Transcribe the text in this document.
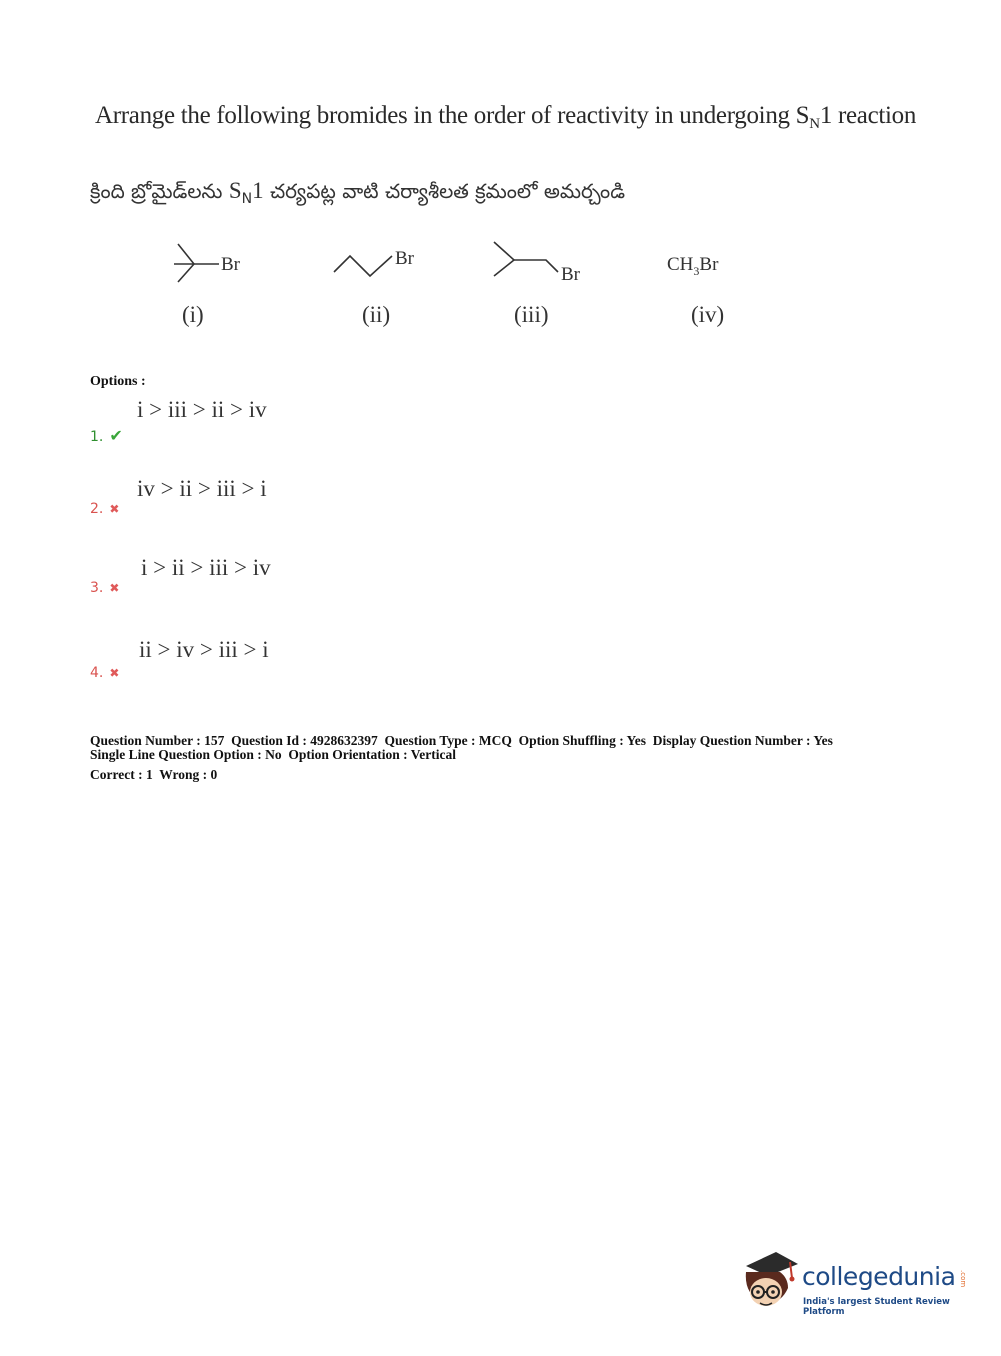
Arrange the following bromides in the order of reactivity in undergoing $S_N1$ reaction
క్రింది బ్రోమైడ్‌లను $S_N1$ చర్యపట్ల వాటి చర్యాశీలత క్రమంలో అమర్చండి
Br	Br
Br	$CH_3Br$
(i)	(ii)	(iii)	(iv)
Options :
i > iii > ii > iv
1. ✔
iv > ii > iii > i
2. ✖
i > ii > iii > iv
3. ✖
ii > iv > iii > i
4. ✖
Question Number : 157  Question Id : 4928632397  Question Type : MCQ  Option Shuffling : Yes  Display Question Number : Yes
Single Line Question Option : No  Option Orientation : Vertical
Correct : 1  Wrong : 0
collegedunia .com
India's largest Student Review Platform
